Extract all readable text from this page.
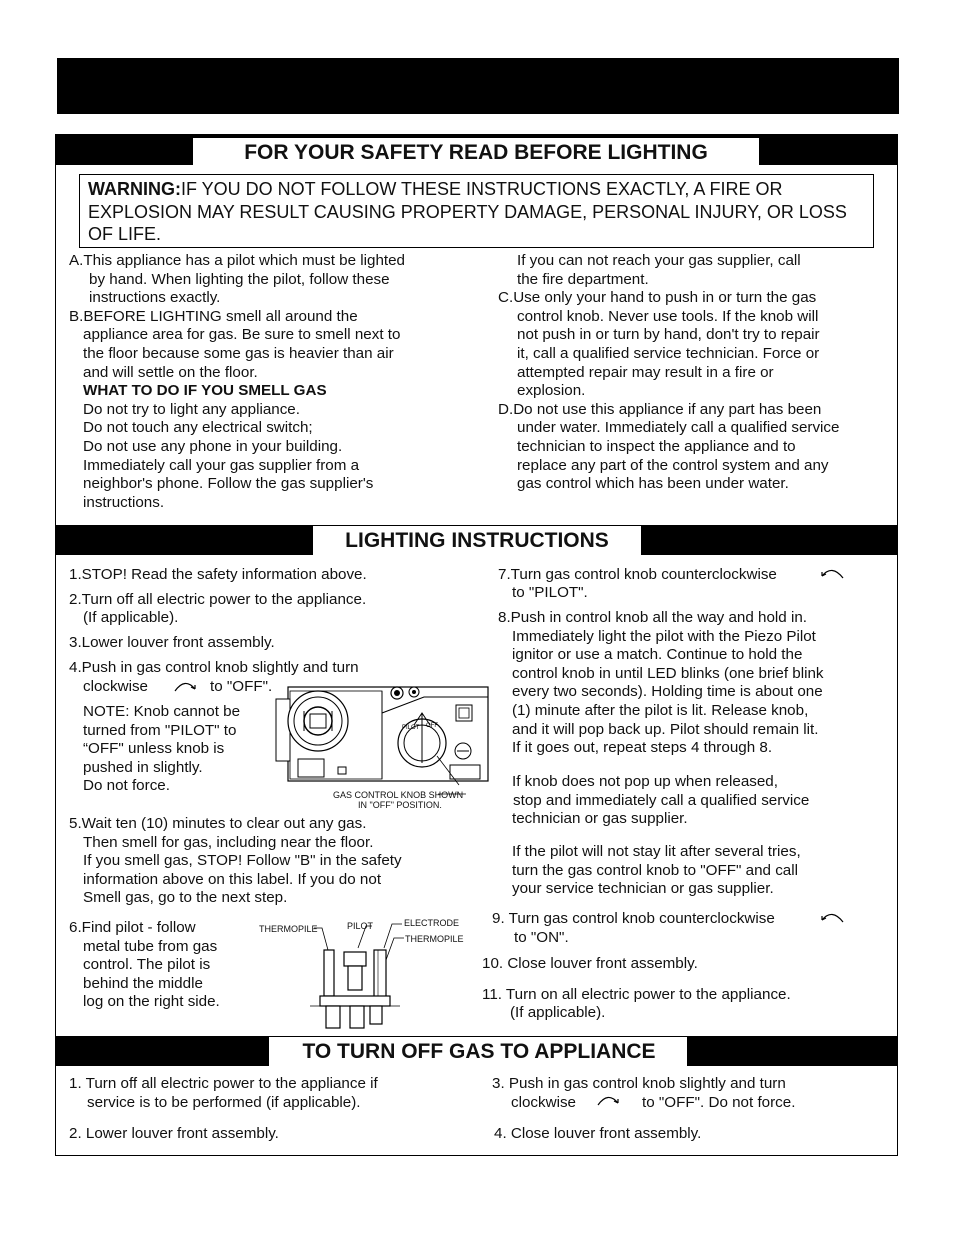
FOR YOUR SAFETY READ BEFORE LIGHTING
WARNING:IF YOU DO NOT FOLLOW THESE INSTRUCTIONS EXACTLY, A FIRE OR EXPLOSION MAY RESULT CAUSING PROPERTY DAMAGE, PERSONAL INJURY, OR LOSS OF LIFE.
A.This appliance has a pilot which must be lighted
by hand. When lighting the pilot, follow these
instructions exactly.
B.BEFORE LIGHTING smell all around the
appliance area for gas. Be sure to smell next to
the floor because some gas is heavier than air
and will settle on the floor.
WHAT TO DO IF YOU SMELL GAS
Do not try to light any appliance.
Do not touch any electrical switch;
Do not use any phone in your building.
Immediately call your gas supplier from a
neighbor's phone. Follow the gas supplier's
instructions.
If you can not reach your gas supplier, call
the fire department.
C.Use only your hand to push in or turn the gas
control knob. Never use tools. If the knob will
not push in or turn by hand, don't try to repair
it, call a qualified service technician. Force or
attempted repair may result in a fire or
explosion.
D.Do not use this appliance if any part has been
under water. Immediately call a qualified service
technician to inspect the appliance and to
replace any part of the control system and any
gas control which has been under water.
LIGHTING INSTRUCTIONS
1.STOP! Read the safety information above.
2.Turn off all electric power to the appliance.
(If applicable).
3.Lower louver front assembly.
4.Push in gas control knob slightly and turn
clockwise	to "OFF".
NOTE: Knob cannot be
turned from "PILOT" to
“OFF" unless knob is
pushed in slightly.
Do not force.
PILOT OFF
GAS CONTROL KNOB SHOWN
IN "OFF" POSITION.
5.Wait ten (10) minutes to clear out any gas.
Then smell for gas, including near the floor.
If you smell gas, STOP! Follow "B" in the safety
information above on this label. If you do not
Smell gas, go to the next step.
6.Find pilot - follow
metal tube from gas
control. The pilot is
behind the middle
log on the right side.
THERMOPILE	PILOT	ELECTRODE
THERMOPILE
7.Turn gas control knob counterclockwise
to "PILOT".
8.Push in control knob all the way and hold in.
Immediately light the pilot with the Piezo Pilot
ignitor or use a match. Continue to hold the
control knob in until LED blinks (one brief blink
every two seconds). Holding time is about one
(1) minute after the pilot is lit. Release knob,
and it will pop back up. Pilot should remain lit.
If it goes out, repeat steps 4 through 8.
If knob does not pop up when released,
stop and immediately call a qualified service
technician or gas supplier.
If the pilot will not stay lit after several tries,
turn the gas control knob to "OFF" and call
your service technician or gas supplier.
9. Turn gas control knob counterclockwise
to "ON".
10. Close louver front assembly.
11. Turn on all electric power to the appliance.
(If applicable).
TO TURN OFF GAS TO APPLIANCE
1. Turn off all electric power to the appliance if
service is to be performed (if applicable).
2. Lower louver front assembly.
3. Push in gas control knob slightly and turn
clockwise	to "OFF". Do not force.
4. Close louver front assembly.
